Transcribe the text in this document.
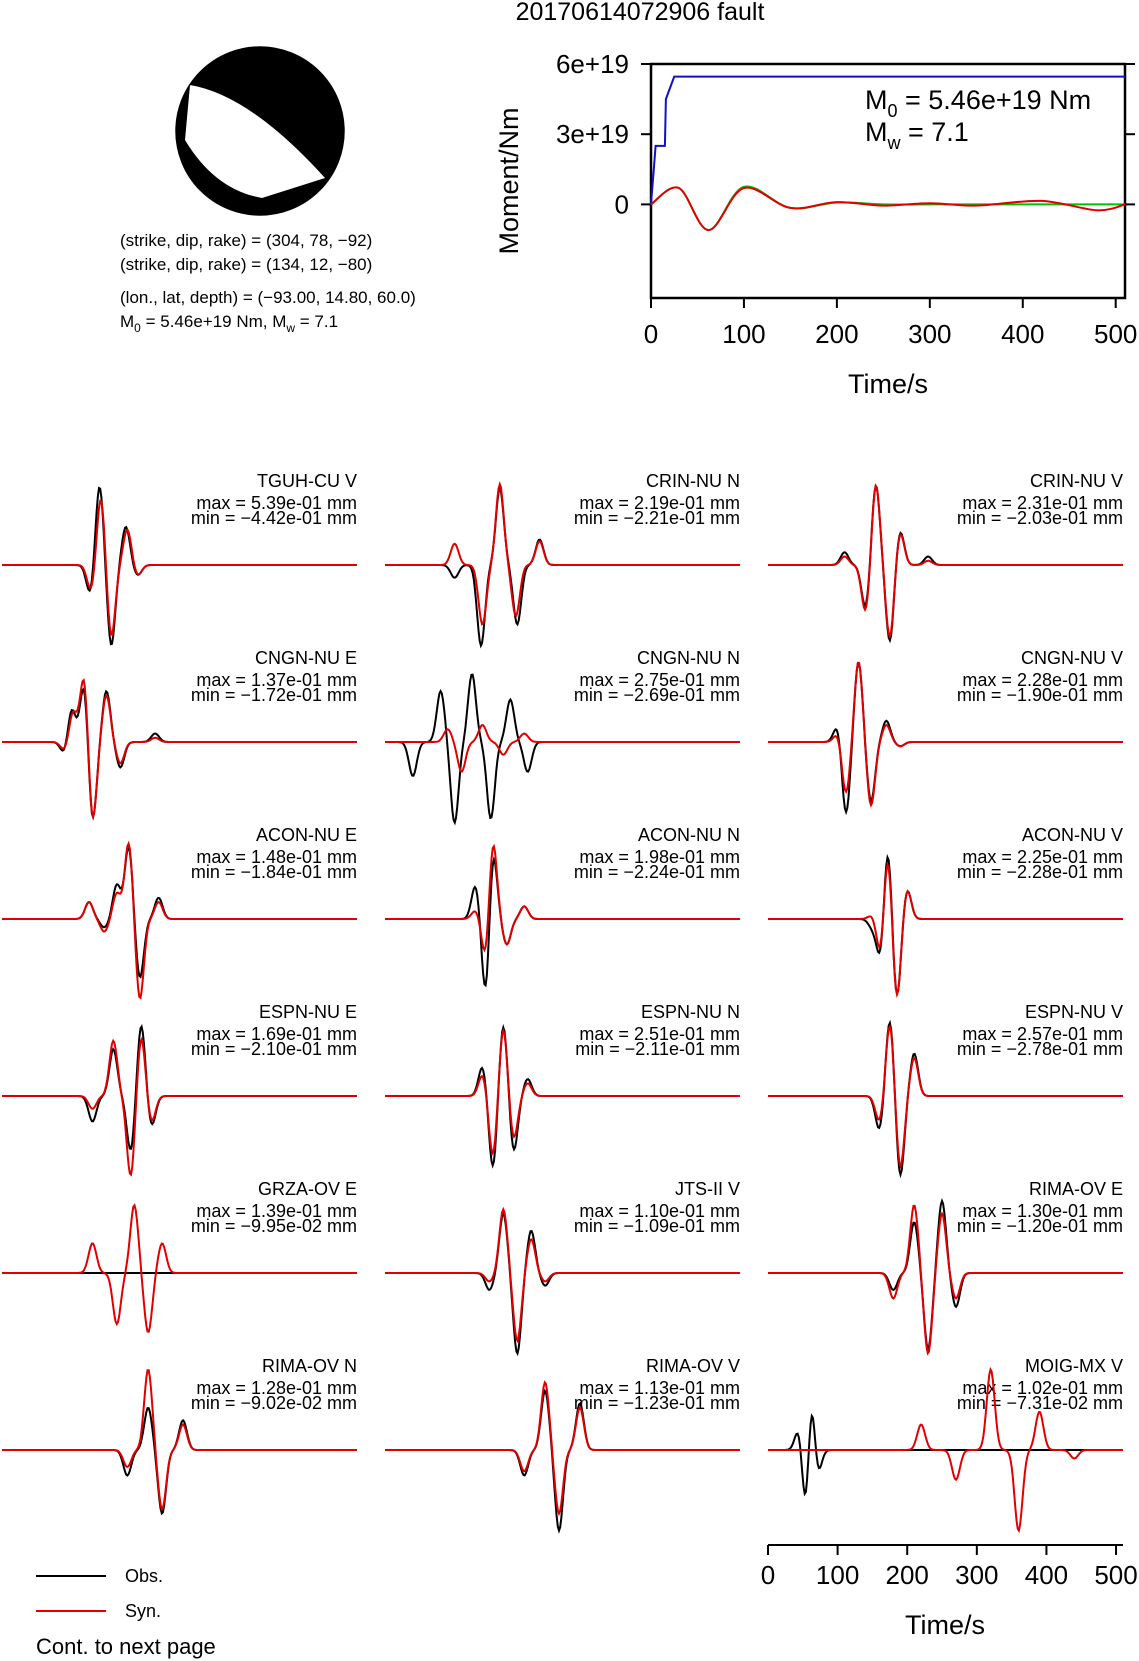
20170614072906 fault
(strike, dip, rake) = (304, 78, −92)
(strike, dip, rake) = (134, 12, −80)
(lon., lat, depth) = (−93.00, 14.80, 60.0)
$M_0 = 5.46e+19$ Nm, $M_w = 7.1$	0 100 200 300 400 500
0
3e+19
6e+19
Moment/Nm
Time/s
$M_0 = 5.46e+19$ Nm
$M_w = 7.1$
TGUH-CU V
max = 5.39e-01 mm
min = −4.42e-01 mm
CRIN-NU N
max = 2.19e-01 mm
min = −2.21e-01 mm
CRIN-NU V
max = 2.31e-01 mm
min = −2.03e-01 mm
CNGN-NU E
max = 1.37e-01 mm
min = −1.72e-01 mm
CNGN-NU N
max = 2.75e-01 mm
min = −2.69e-01 mm
CNGN-NU V
max = 2.28e-01 mm
min = −1.90e-01 mm
ACON-NU E
max = 1.48e-01 mm
min = −1.84e-01 mm
ACON-NU N
max = 1.98e-01 mm
min = −2.24e-01 mm
ACON-NU V
max = 2.25e-01 mm
min = −2.28e-01 mm
ESPN-NU E
max = 1.69e-01 mm
min = −2.10e-01 mm
ESPN-NU N
max = 2.51e-01 mm
min = −2.11e-01 mm
ESPN-NU V
max = 2.57e-01 mm
min = −2.78e-01 mm
GRZA-OV E
max = 1.39e-01 mm
min = −9.95e-02 mm
JTS-II V
max = 1.10e-01 mm
min = −1.09e-01 mm
RIMA-OV E
max = 1.30e-01 mm
min = −1.20e-01 mm
RIMA-OV N
max = 1.28e-01 mm
min = −9.02e-02 mm
RIMA-OV V
max = 1.13e-01 mm
min = −1.23e-01 mm
MOIG-MX V
max = 1.02e-01 mm
min = −7.31e-02 mm
0 100 200 300 400 500
Time/s
Obs.
Syn.
Cont. to next page
